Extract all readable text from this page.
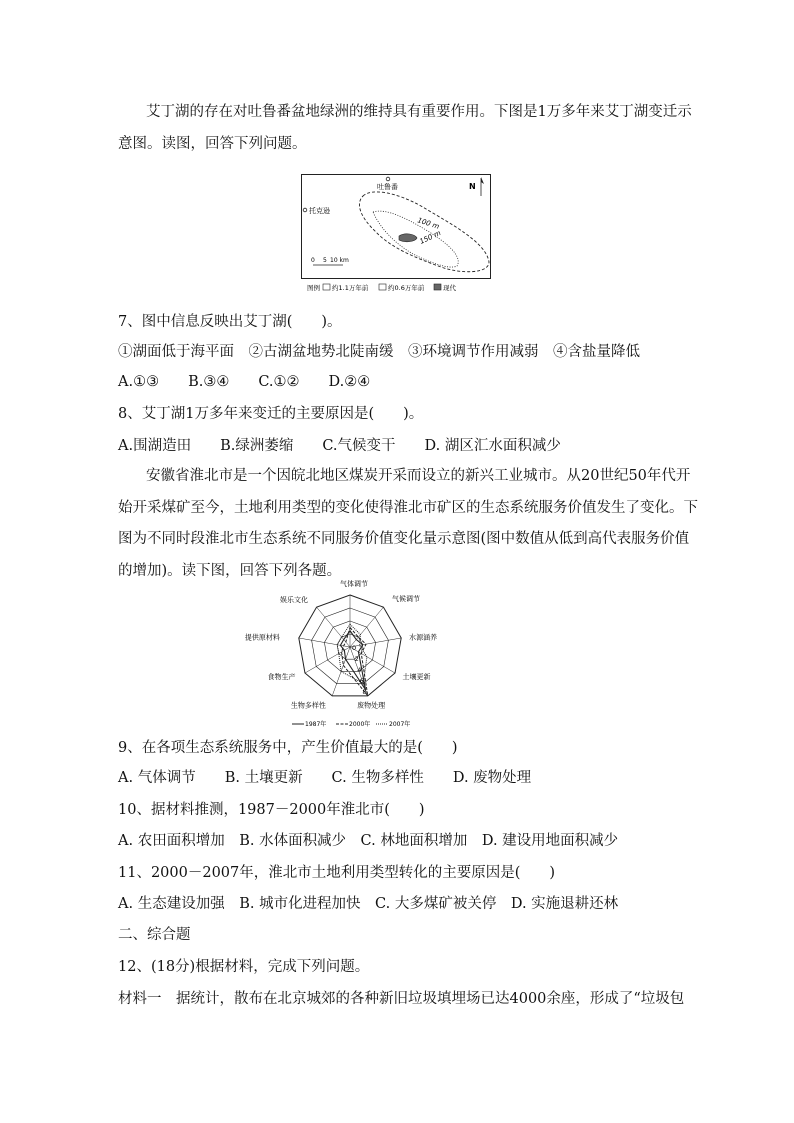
艾丁湖的存在对吐鲁番盆地绿洲的维持具有重要作用。下图是1万多年来艾丁湖变迁示
意图。读图，回答下列问题。
吐鲁番
托克逊
N
100 m
150 m
0 5 10 km
图例 约1.1万年前	约0.6万年前	现代
7、图中信息反映出艾丁湖(　　)。
①湖面低于海平面　②古湖盆地势北陡南缓　③环境调节作用减弱　④含盐量降低
A.①③　　B.③④　　C.①②　　D.②④
8、艾丁湖1万多年来变迁的主要原因是(　　)。
A.围湖造田　　B.绿洲萎缩　　C.气候变干　　D. 湖区汇水面积减少
安徽省淮北市是一个因皖北地区煤炭开采而设立的新兴工业城市。从20世纪50年代开
始开采煤矿至今，土地利用类型的变化使得淮北市矿区的生态系统服务价值发生了变化。下
图为不同时段淮北市生态系统不同服务价值变化量示意图(图中数值从低到高代表服务价值
的增加)。读下图，回答下列各题。
0
2
4
6
8
气体调节
气候调节
水源涵养
土壤更新
废物处理
生物多样性
食物生产
提供原材料
娱乐文化
1987年	2000年	2007年
9、在各项生态系统服务中，产生价值最大的是(　　)
A. 气体调节　　B. 土壤更新　　C. 生物多样性　　D. 废物处理
10、据材料推测，1987－2000年淮北市(　　)
A. 农田面积增加　B. 水体面积减少　C. 林地面积增加　D. 建设用地面积减少
11、2000－2007年，淮北市土地利用类型转化的主要原因是(　　)
A. 生态建设加强　B. 城市化进程加快　C. 大多煤矿被关停　D. 实施退耕还林
二、综合题
12、(18分)根据材料，完成下列问题。
材料一　据统计，散布在北京城郊的各种新旧垃圾填埋场已达4000余座，形成了“垃圾包
